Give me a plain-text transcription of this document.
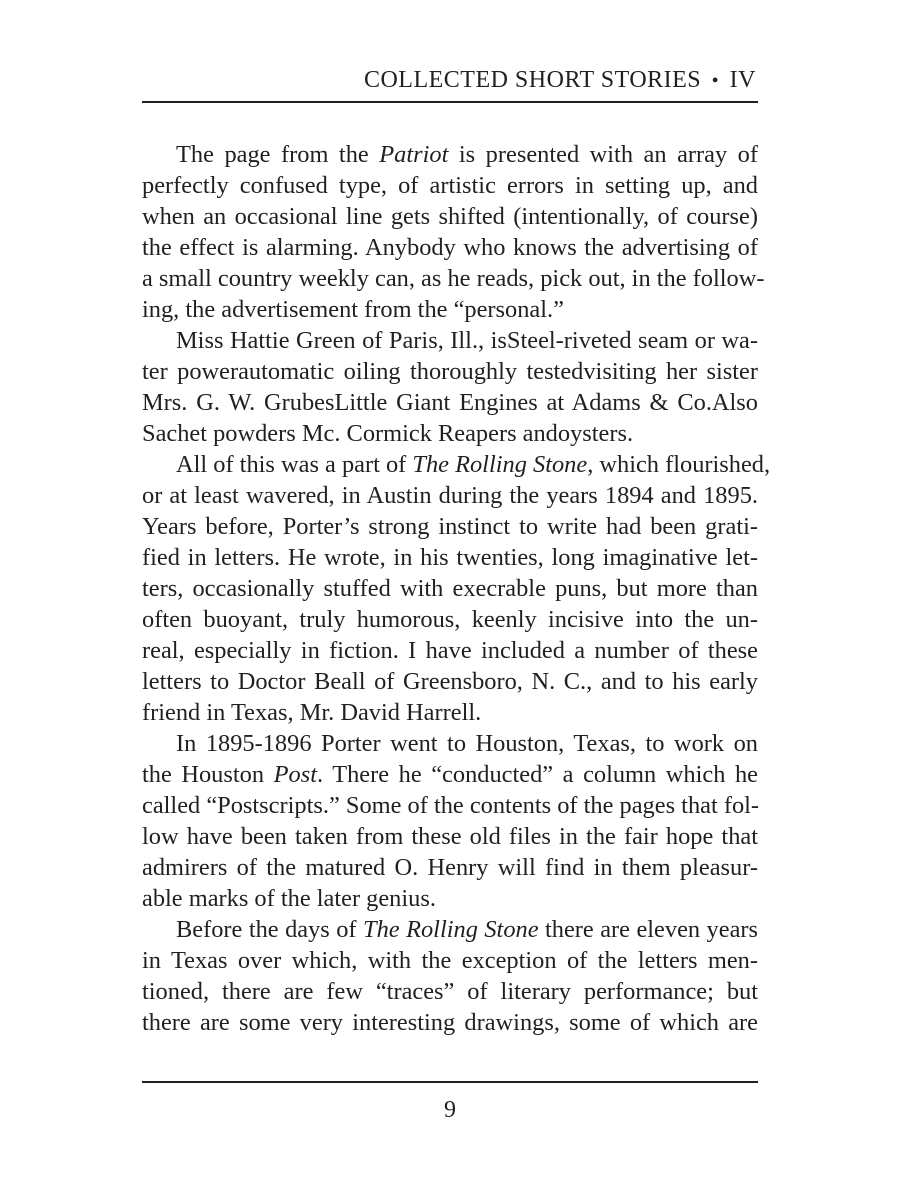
COLLECTED SHORT STORIES • IV
The page from the Patriot is presented with an array of
perfectly confused type, of artistic errors in setting up, and
when an occasional line gets shifted (intentionally, of course)
the effect is alarming. Anybody who knows the advertising of
a small country weekly can, as he reads, pick out, in the follow-
ing, the advertisement from the “personal.”
Miss Hattie Green of Paris, Ill., isSteel-riveted seam or wa-
ter powerautomatic oiling thoroughly testedvisiting her sister
Mrs. G. W. GrubesLittle Giant Engines at Adams & Co.Also
Sachet powders Mc. Cormick Reapers andoysters.
All of this was a part of The Rolling Stone, which flourished,
or at least wavered, in Austin during the years 1894 and 1895.
Years before, Porter’s strong instinct to write had been grati-
fied in letters. He wrote, in his twenties, long imaginative let-
ters, occasionally stuffed with execrable puns, but more than
often buoyant, truly humorous, keenly incisive into the un-
real, especially in fiction. I have included a number of these
letters to Doctor Beall of Greensboro, N. C., and to his early
friend in Texas, Mr. David Harrell.
In 1895-1896 Porter went to Houston, Texas, to work on
the Houston Post. There he “conducted” a column which he
called “Postscripts.” Some of the contents of the pages that fol-
low have been taken from these old files in the fair hope that
admirers of the matured O. Henry will find in them pleasur-
able marks of the later genius.
Before the days of The Rolling Stone there are eleven years
in Texas over which, with the exception of the letters men-
tioned, there are few “traces” of literary performance; but
there are some very interesting drawings, some of which are
9
